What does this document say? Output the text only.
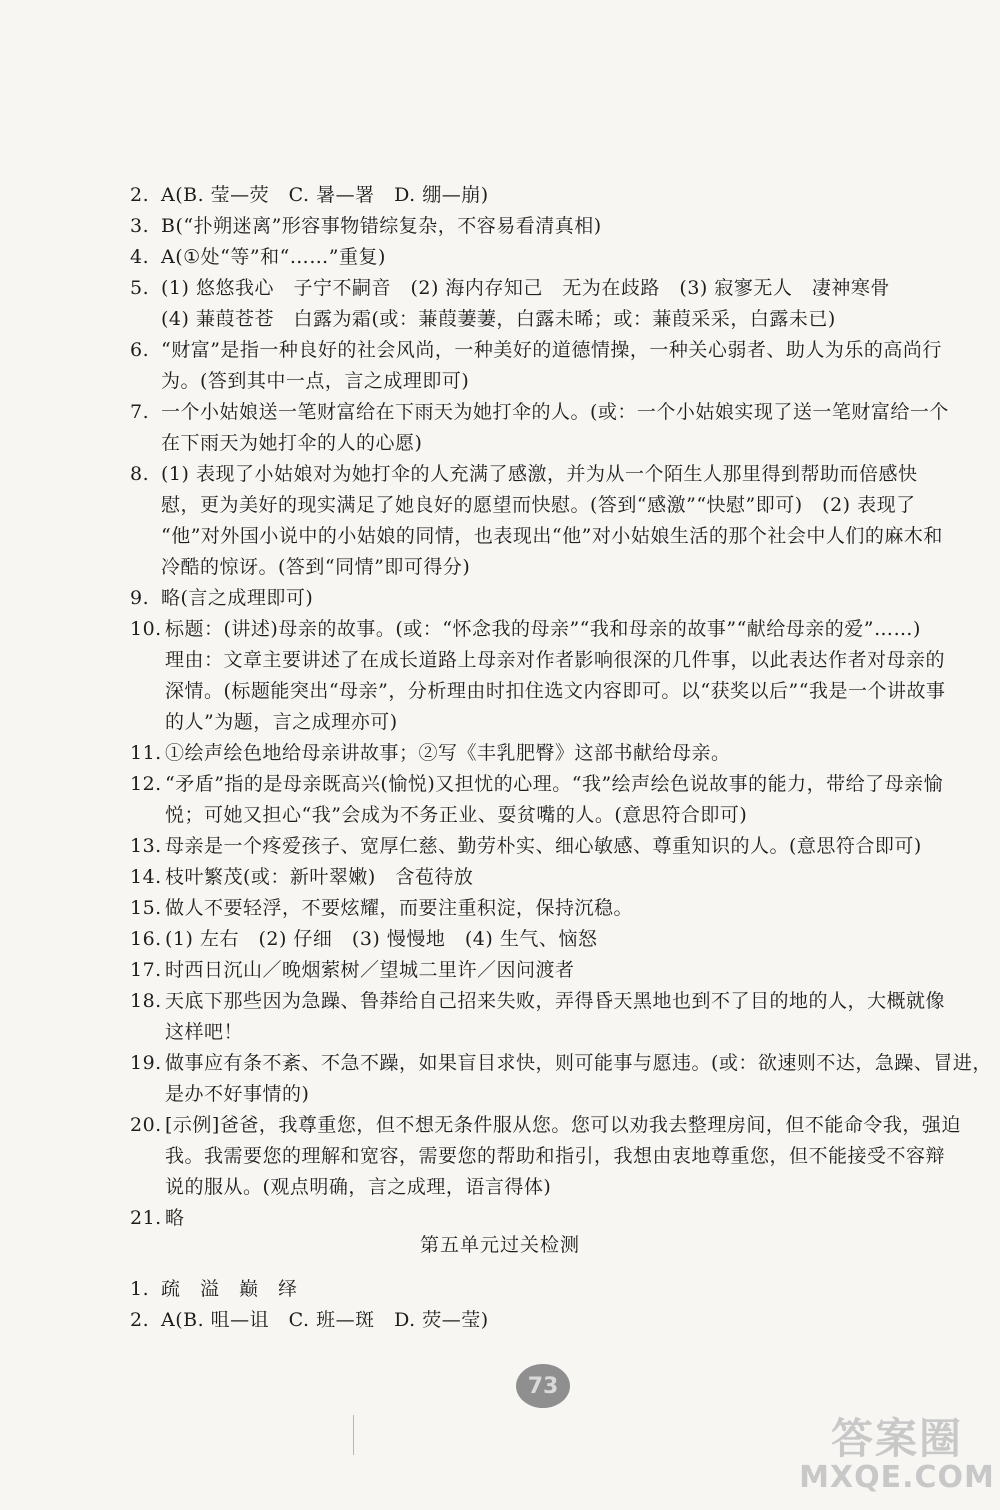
2. A(B. 莹—荧　C. 暑—署　D. 绷—崩)
3. B(“扑朔迷离”形容事物错综复杂，不容易看清真相)
4. A(①处“等”和“……”重复)
5. (1) 悠悠我心　子宁不嗣音　(2) 海内存知己　无为在歧路　(3) 寂寥无人　凄神寒骨
(4) 蒹葭苍苍　白露为霜(或：蒹葭萋萋，白露未晞；或：蒹葭采采，白露未已)
6. “财富”是指一种良好的社会风尚，一种美好的道德情操，一种关心弱者、助人为乐的高尚行
为。(答到其中一点，言之成理即可)
7. 一个小姑娘送一笔财富给在下雨天为她打伞的人。(或：一个小姑娘实现了送一笔财富给一个
在下雨天为她打伞的人的心愿)
8. (1) 表现了小姑娘对为她打伞的人充满了感激，并为从一个陌生人那里得到帮助而倍感快
慰，更为美好的现实满足了她良好的愿望而快慰。(答到“感激”“快慰”即可)　(2) 表现了
“他”对外国小说中的小姑娘的同情，也表现出“他”对小姑娘生活的那个社会中人们的麻木和
冷酷的惊讶。(答到“同情”即可得分)
9. 略(言之成理即可)
10. 标题：(讲述)母亲的故事。(或：“怀念我的母亲”“我和母亲的故事”“献给母亲的爱”……)
理由：文章主要讲述了在成长道路上母亲对作者影响很深的几件事，以此表达作者对母亲的
深情。(标题能突出“母亲”，分析理由时扣住选文内容即可。以“获奖以后”“我是一个讲故事
的人”为题，言之成理亦可)
11. ①绘声绘色地给母亲讲故事；②写《丰乳肥臀》这部书献给母亲。
12. “矛盾”指的是母亲既高兴(愉悦)又担忧的心理。“我”绘声绘色说故事的能力，带给了母亲愉
悦；可她又担心“我”会成为不务正业、耍贫嘴的人。(意思符合即可)
13. 母亲是一个疼爱孩子、宽厚仁慈、勤劳朴实、细心敏感、尊重知识的人。(意思符合即可)
14. 枝叶繁茂(或：新叶翠嫩)　含苞待放
15. 做人不要轻浮，不要炫耀，而要注重积淀，保持沉稳。
16. (1) 左右　(2) 仔细　(3) 慢慢地　(4) 生气、恼怒
17. 时西日沉山／晚烟萦树／望城二里许／因问渡者
18. 天底下那些因为急躁、鲁莽给自己招来失败，弄得昏天黑地也到不了目的地的人，大概就像
这样吧！
19. 做事应有条不紊、不急不躁，如果盲目求快，则可能事与愿违。(或：欲速则不达，急躁、冒进，
是办不好事情的)
20. [示例]爸爸，我尊重您，但不想无条件服从您。您可以劝我去整理房间，但不能命令我，强迫
我。我需要您的理解和宽容，需要您的帮助和指引，我想由衷地尊重您，但不能接受不容辩
说的服从。(观点明确，言之成理，语言得体)
21. 略
第五单元过关检测
1. 疏　溢　巅　绎
2. A(B. 咀—诅　C. 班—斑　D. 荧—莹)
73
答案圈
MXQE.COM
